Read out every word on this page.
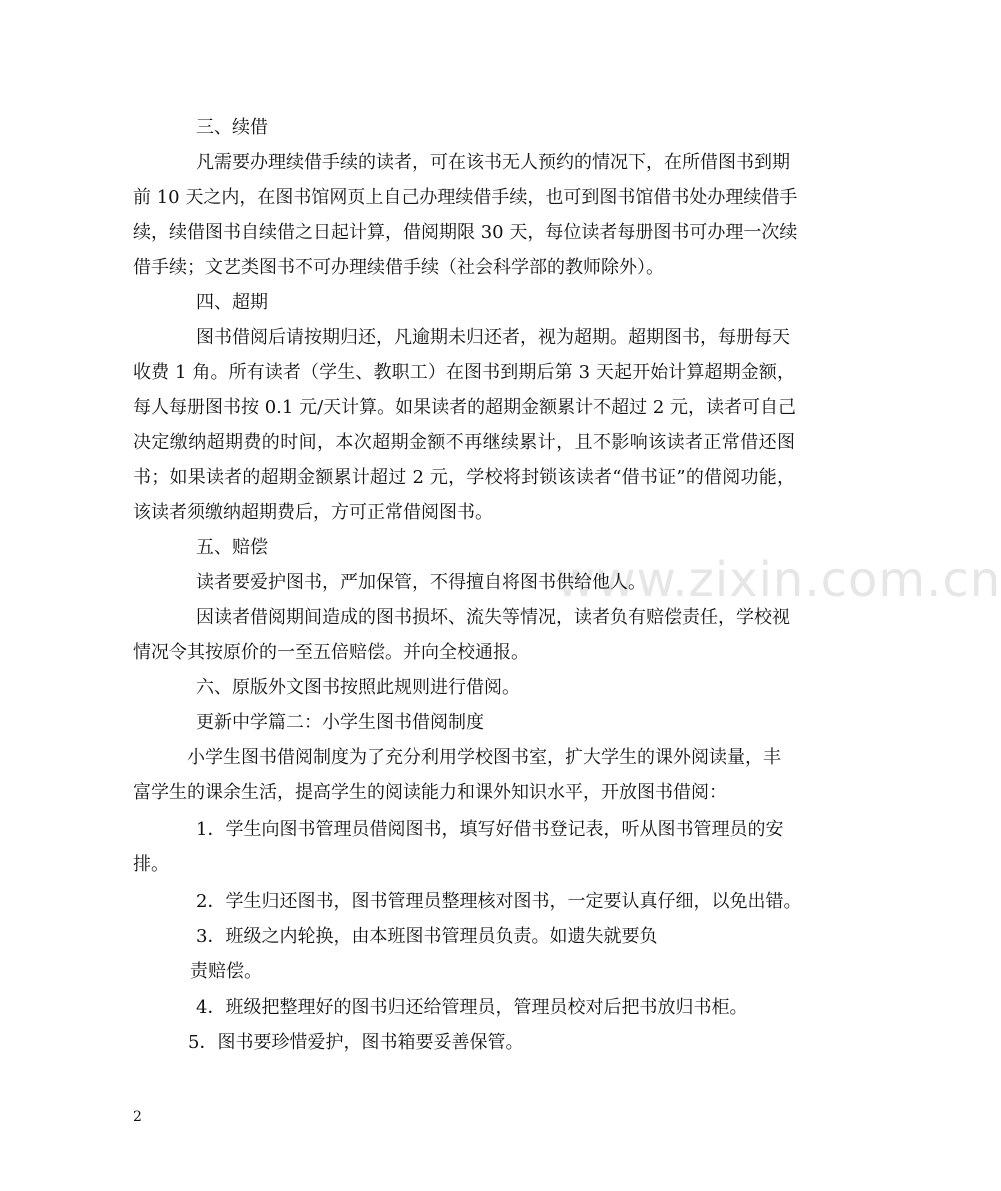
www.zixin.com.cn
三、续借
凡需要办理续借手续的读者，可在该书无人预约的情况下，在所借图书到期
前 10 天之内，在图书馆网页上自己办理续借手续，也可到图书馆借书处办理续借手
续，续借图书自续借之日起计算，借阅期限 30 天，每位读者每册图书可办理一次续
借手续；文艺类图书不可办理续借手续（社会科学部的教师除外）。
四、超期
图书借阅后请按期归还，凡逾期未归还者，视为超期。超期图书，每册每天
收费 1 角。所有读者（学生、教职工）在图书到期后第 3 天起开始计算超期金额，
每人每册图书按 0.1 元/天计算。如果读者的超期金额累计不超过 2 元，读者可自己
决定缴纳超期费的时间，本次超期金额不再继续累计，且不影响该读者正常借还图
书；如果读者的超期金额累计超过 2 元，学校将封锁该读者“借书证”的借阅功能，
该读者须缴纳超期费后，方可正常借阅图书。
五、赔偿
读者要爱护图书，严加保管，不得擅自将图书供给他人。
因读者借阅期间造成的图书损坏、流失等情况，读者负有赔偿责任，学校视
情况令其按原价的一至五倍赔偿。并向全校通报。
六、原版外文图书按照此规则进行借阅。
更新中学篇二：小学生图书借阅制度
小学生图书借阅制度为了充分利用学校图书室，扩大学生的课外阅读量，丰
富学生的课余生活，提高学生的阅读能力和课外知识水平，开放图书借阅：
1．学生向图书管理员借阅图书，填写好借书登记表，听从图书管理员的安
排。
2．学生归还图书，图书管理员整理核对图书，一定要认真仔细，以免出错。
3．班级之内轮换，由本班图书管理员负责。如遗失就要负
责赔偿。
4．班级把整理好的图书归还给管理员，管理员校对后把书放归书柜。
5．图书要珍惜爱护，图书箱要妥善保管。
2
